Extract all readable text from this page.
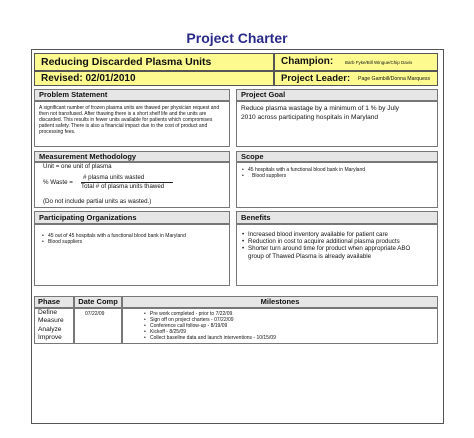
Project Charter
Reducing Discarded Plasma Units	Champion:	Barb Fyke/Bill Wingue/Chip Davis
Revised: 02/01/2010	Project Leader: Page Gambill/Donna Marquess
Problem Statement
A significant number of frozen plasma units are thawed per physician request and then not transfused. After thawing there is a short shelf life and the units are discarded. This results in fewer units available for patients which compromises patient safety. There is also a financial impact due to the cost of product and processing fees.
Project Goal
Reduce plasma wastage by a minimum of 1 % by July 2010 across participating hospitals in Maryland
Measurement Methodology
Unit = one unit of plasma
% Waste =
# plasma units wasted
Total # of plasma units thawed
(Do not include partial units as wasted.)
Scope
• 45 hospitals with a functional blood bank in Maryland
• Blood suppliers
Participating Organizations
• 45 out of 45 hospitals with a functional blood bank in Maryland
• Blood suppliers
Benefits
• Increased blood inventory available for patient care
• Reduction in cost to acquire additional plasma products
• Shorter turn around time for product when appropriate ABO group of Thawed Plasma is already available
Phase	Date Comp	Milestones
Define
Measure
Analyze
Improve
07/22/09
•	Pre work completed - prior to 7/22/09
• Sign off on project charters - 07/22/09
• Conference call follow-up - 8/19/09
• Kickoff - 8/25/09
• Collect baseline data and launch interventions - 10/15/09
